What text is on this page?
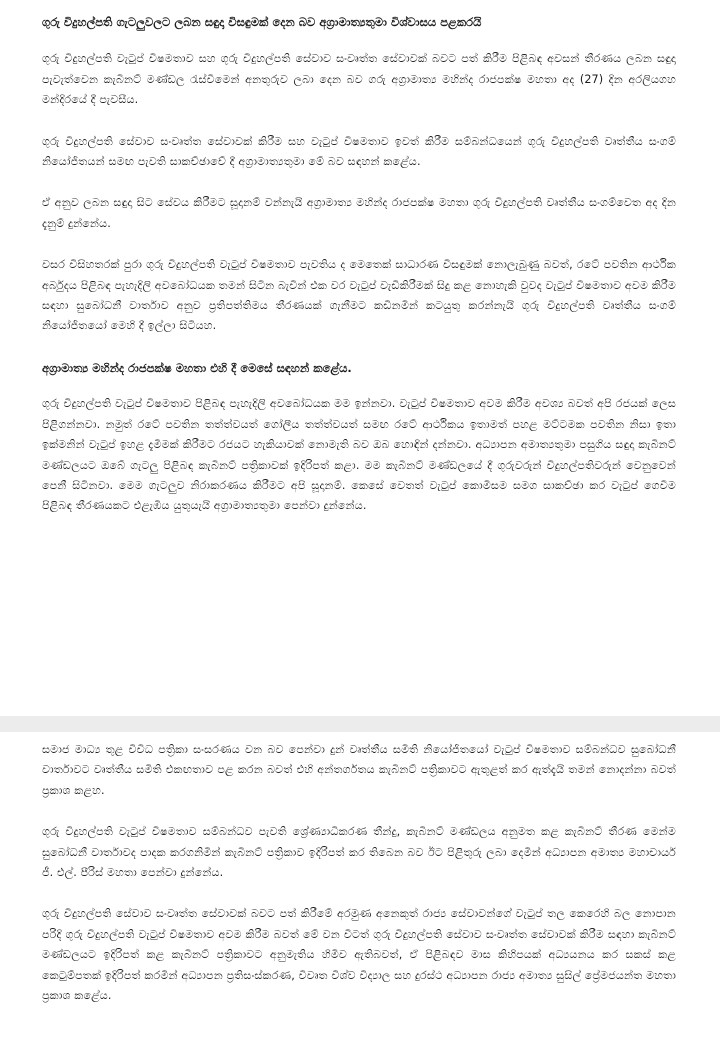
ගුරු විදුහල්පති ගැටලුවලට ලබන සඳුදා විසඳුමක් දෙන බව අග්‍රාමාත්‍යතුමා විශ්වාසය පළකරයි

ගුරු විදුහල්පති වැටුප් විෂමතාව සහ ගුරු විදුහල්පති සේවාව සංවෘත්ත සේවාවක් බවට පත් කිරීම පිළිබඳ අවසන් තීරණය ලබන සඳුදා පැවැත්වෙන කැබිනට් මණ්ඩල රැස්වීමෙන් අනතුරුව ලබා දෙන බව ගරු අග්‍රාමාත්‍ය මහින්ද රාජපක්ෂ මහතා අද (27) දින අරලියගහ මන්දිරයේ දී පැවසීය.

ගුරු විදුහල්පති සේවාව සංවෘත්ත සේවාවක් කිරීම සහ වැටුප් විෂමතාව ඉවත් කිරීම සම්බන්ධයෙන් ගුරු විදුහල්පති වෘත්තීය සංගම් නියෝජිතයන් සමඟ පැවති සාකච්ඡාවේ දී අග්‍රාමාත්‍යතුමා මේ බව සඳහන් කළේය.

ඒ අනුව ලබන සඳුදා සිට සේවය කිරීමට සූදානම් වන්නැයි අග්‍රාමාත්‍ය මහින්ද රාජපක්ෂ මහතා ගුරු විදුහල්පති වෘත්තීය සංගම්වෙත අද දින දැනුම් දුන්නේය.

වසර විසිහතරක් පුරා ගුරු විදුහල්පති වැටුප් විෂමතාව පැවතිය ද මෙතෙක් සාධාරණ විසඳුමක් නොලැබුණු බවත්, රටේ පවතින ආර්ථික අර්බුදය පිළිබඳ පැහැදිලි අවබෝධයක තමන් සිටින බැවින් එක වර වැටුප් වැඩිකිරීමක් සිදු කළ නොහැකි වුවද වැටුප් විෂමතාව අවම කිරීම සඳහා සුබෝධනී වාර්තාව අනුව ප්‍රතිපත්තිමය තීරණයක් ගැනීමට කඩිනමින් කටයුතු කරන්නැයි ගුරු විදුහල්පති වෘත්තීය සංගම් නියෝජිතයෝ මෙහි දී ඉල්ලා සිටියහ.

අග්‍රාමාත්‍ය මහින්ද රාජපක්ෂ මහතා එහි දී මෙසේ සඳහන් කළේය.

ගුරු විදුහල්පති වැටුප් විෂමතාව පිළිබඳ පැහැදිලි අවබෝධයක මම ඉන්නවා. වැටුප් විෂමතාව අවම කිරීම අවශ්‍ය බවත් අපි රජයක් ලෙස පිළිගන්නවා. නමුත් රටේ පවතින තත්ත්වයත් ගෝලීය තත්ත්වයත් සමඟ රටේ ආර්ථිකය ඉතාමත් පහළ මට්ටමක පවතින නිසා ඉතා ඉක්මනින් වැටුප් ඉහළ දැමීමක් කිරීමට රජයට හැකියාවක් නොමැති බව ඔබ හොඳින් දන්නවා. අධ්‍යාපන අමාත්‍යතුමා පසුගිය සඳුදා කැබිනට් මණ්ඩලයට ඔබේ ගැටලු පිළිබඳ කැබිනට් පත්‍රිකාවක් ඉදිරිපත් කළා. මම කැබිනට් මණ්ඩලයේ දී ගුරුවරුන් විදුහල්පතිවරුන් වෙනුවෙන් පෙනී සිටිනවා. මෙම ගැටලුව නිරාකරණය කිරීමට අපි සූදානම්. කෙසේ වෙතත් වැටුප් කොමිසම සමග සාකච්ඡා කර වැටුප් ගෙවීම පිළිබඳ තීරණයකට එළැඹිය යුතුයැයි අග්‍රාමාත්‍යතුමා පෙන්වා දුන්නේය.

සමාජ මාධ්‍ය තුළ විවිධ පත්‍රිකා සංසරණය වන බව පෙන්වා දුන් වෘත්තීය සමිති නියෝජිතයෝ වැටුප් විෂමතාව සම්බන්ධව සුබෝධනී වාර්තාවට වෘත්තීය සමිති එකඟතාව පළ කරන බවත් එහි අන්තර්ගතය කැබිනට් පත්‍රිකාවට ඇතුළත් කර ඇත්දැයි තමන් නොදන්නා බවත් ප්‍රකාශ කළහ.

ගුරු විදුහල්පති වැටුප් විෂමතාව සම්බන්ධව පැවති ශ්‍රේණ්‍යාධිකරණ තීන්දු, කැබිනට් මණ්ඩලය අනුමත කළ කැබිනට් තීරණ මෙන්ම සුබෝධනී වාර්තාවද පාදක කරගනිමින් කැබිනට් පත්‍රිකාව ඉදිරිපත් කර තිබෙන බව ඊට පිළිතුරු ලබා දෙමින් අධ්‍යාපන අමාත්‍ය මහාචාර්ය ජී. එල්. පීරිස් මහතා පෙන්වා දුන්නේය.

ගුරු විදුහල්පති සේවාව සංවෘත්ත සේවාවක් බවට පත් කිරීමේ අරමුණ අනෙකුත් රාජ්‍ය සේවාවන්ගේ වැටුප් තල කෙරෙහි බල නොපාන පරිදි ගුරු විදුහල්පති වැටුප් විෂමතාව අවම කිරීම බවත් මේ වන විටත් ගුරු විදුහල්පති සේවාව සංවෘත්ත සේවාවක් කිරීම සඳහා කැබිනට් මණ්ඩලයට ඉදිරිපත් කළ කැබිනට් පත්‍රිකාවට අනුමැතිය හිමිව ඇතිබවත්, ඒ පිළිබඳව මාස කිහිපයක් අධ්‍යයනය කර සකස් කළ කෙටුම්පතක් ඉදිරිපත් කරමින් අධ්‍යාපන ප්‍රතිසංස්කරණ, විවෘත විශ්ව විද්‍යාල සහ දුරස්ථ අධ්‍යාපන රාජ්‍ය අමාත්‍ය සුසිල් ප්‍රේමජයන්ත මහතා ප්‍රකාශ කළේය.
